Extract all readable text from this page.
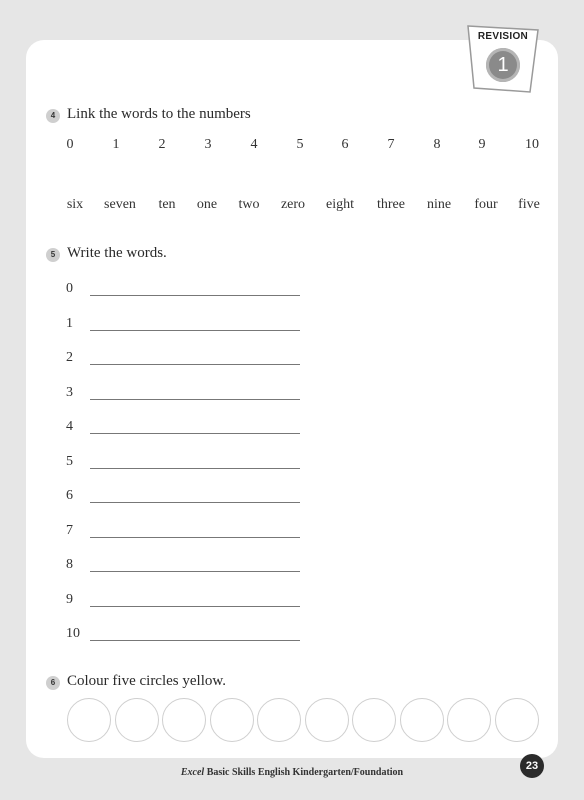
REVISION
1
4 Link the words to the numbers
0	1	2	3	4	5	6	7	8	9	10
six seven ten one two zero eight three nine four five
5 Write the words.
0
1
2
3
4
5
6
7
8
9
10
6 Colour five circles yellow.
Excel Basic Skills English Kindergarten/Foundation
23
